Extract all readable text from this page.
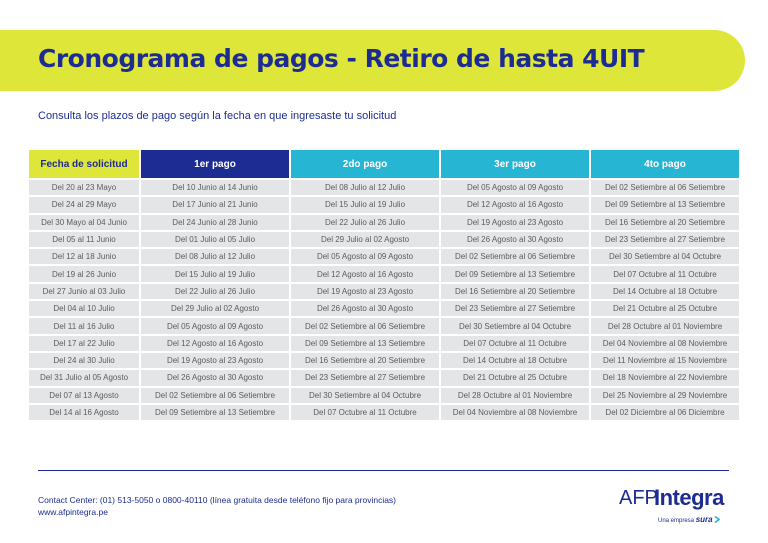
Cronograma de pagos - Retiro de hasta 4UIT
Consulta los plazos de pago según la fecha en que ingresaste tu solicitud
Fecha de solicitud	1er pago	2do pago	3er pago	4to pago
Del 20 al 23 Mayo	Del 10 Junio al 14 Junio	Del 08 Julio al 12 Julio	Del 05 Agosto al 09 Agosto	Del 02 Setiembre al 06 Setiembre
Del 24 al 29 Mayo	Del 17 Junio al 21 Junio	Del 15 Julio al 19 Julio	Del 12 Agosto al 16 Agosto	Del 09 Setiembre al 13 Setiembre
Del 30 Mayo al 04 Junio	Del 24 Junio al 28 Junio	Del 22 Julio al 26 Julio	Del 19 Agosto al 23 Agosto	Del 16 Setiembre al 20 Setiembre
Del 05 al 11 Junio	Del 01 Julio al 05 Julio	Del 29 Julio al 02 Agosto	Del 26 Agosto al 30 Agosto	Del 23 Setiembre al 27 Setiembre
Del 12 al 18 Junio	Del 08 Julio al 12 Julio	Del 05 Agosto al 09 Agosto	Del 02 Setiembre al 06 Setiembre	Del 30 Setiembre al 04 Octubre
Del 19 al 26 Junio	Del 15 Julio al 19 Julio	Del 12 Agosto al 16 Agosto	Del 09 Setiembre al 13 Setiembre	Del 07 Octubre al 11 Octubre
Del 27 Junio al 03 Julio	Del 22 Julio al 26 Julio	Del 19 Agosto al 23 Agosto	Del 16 Setiembre al 20 Setiembre	Del 14 Octubre al 18 Octubre
Del 04 al 10 Julio	Del 29 Julio al 02 Agosto	Del 26 Agosto al 30 Agosto	Del 23 Setiembre al 27 Setiembre	Del 21 Octubre al 25 Octubre
Del 11 al 16 Julio	Del 05 Agosto al 09 Agosto	Del 02 Setiembre al 06 Setiembre	Del 30 Setiembre al 04 Octubre	Del 28 Octubre al 01 Noviembre
Del 17 al 22 Julio	Del 12 Agosto al 16 Agosto	Del 09 Setiembre al 13 Setiembre	Del 07 Octubre al 11 Octubre	Del 04 Noviembre al 08 Noviembre
Del 24 al 30 Julio	Del 19 Agosto al 23 Agosto	Del 16 Setiembre al 20 Setiembre	Del 14 Octubre al 18 Octubre	Del 11 Noviembre al 15 Noviembre
Del 31 Julio al 05 Agosto	Del 26 Agosto al 30 Agosto	Del 23 Setiembre al 27 Setiembre	Del 21 Octubre al 25 Octubre	Del 18 Noviembre al 22 Noviembre
Del 07 al 13 Agosto	Del 02 Setiembre al 06 Setiembre	Del 30 Setiembre al 04 Octubre	Del 28 Octubre al 01 Noviembre	Del 25 Noviembre al 29 Noviembre
Del 14 al 16 Agosto	Del 09 Setiembre al 13 Setiembre	Del 07 Octubre al 11 Octubre	Del 04 Noviembre al 08 Noviembre	Del 02 Diciembre al 06 Diciembre
Contact Center: (01) 513-5050 o 0800-40110 (línea gratuita desde teléfono fijo para provincias)
www.afpintegra.pe
AFP
Integra
Una empresa sura
